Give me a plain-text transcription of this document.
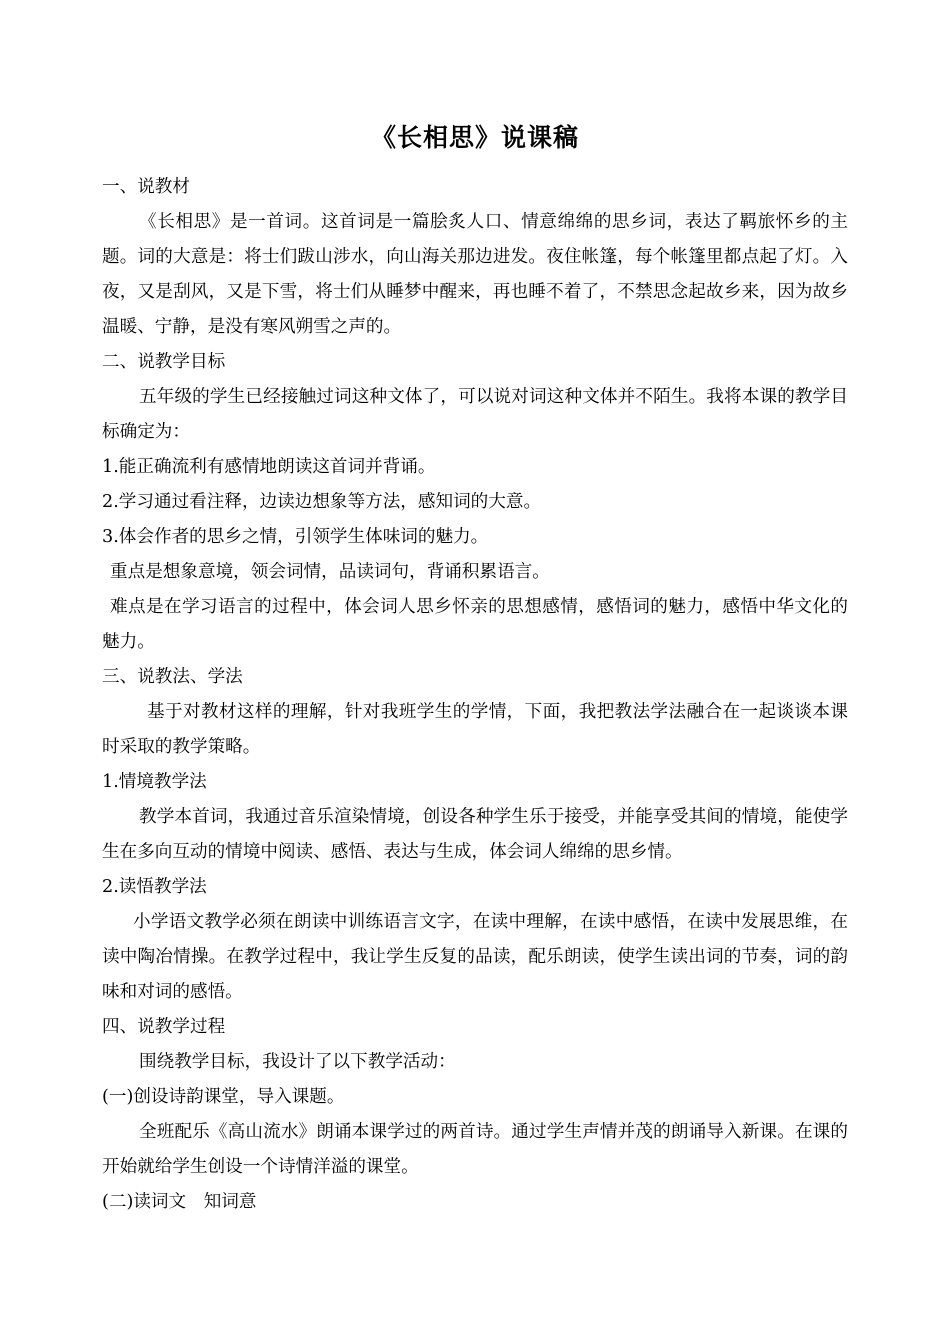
《长相思》说课稿

一、说教材

《长相思》是一首词。这首词是一篇脍炙人口、情意绵绵的思乡词，表达了羁旅怀乡的主题。词的大意是：将士们跋山涉水，向山海关那边进发。夜住帐篷，每个帐篷里都点起了灯。入夜，又是刮风，又是下雪，将士们从睡梦中醒来，再也睡不着了，不禁思念起故乡来，因为故乡温暖、宁静，是没有寒风朔雪之声的。

二、说教学目标

五年级的学生已经接触过词这种文体了，可以说对词这种文体并不陌生。我将本课的教学目标确定为：

1.能正确流利有感情地朗读这首词并背诵。

2.学习通过看注释，边读边想象等方法，感知词的大意。

3.体会作者的思乡之情，引领学生体味词的魅力。

重点是想象意境，领会词情，品读词句，背诵积累语言。

难点是在学习语言的过程中，体会词人思乡怀亲的思想感情，感悟词的魅力，感悟中华文化的魅力。

三、说教法、学法

基于对教材这样的理解，针对我班学生的学情，下面，我把教法学法融合在一起谈谈本课时采取的教学策略。

1.情境教学法

教学本首词，我通过音乐渲染情境，创设各种学生乐于接受，并能享受其间的情境，能使学生在多向互动的情境中阅读、感悟、表达与生成，体会词人绵绵的思乡情。

2.读悟教学法

小学语文教学必须在朗读中训练语言文字，在读中理解，在读中感悟，在读中发展思维，在读中陶冶情操。在教学过程中，我让学生反复的品读，配乐朗读，使学生读出词的节奏，词的韵味和对词的感悟。

四、说教学过程

围绕教学目标，我设计了以下教学活动：

(一)创设诗韵课堂，导入课题。

全班配乐《高山流水》朗诵本课学过的两首诗。通过学生声情并茂的朗诵导入新课。在课的开始就给学生创设一个诗情洋溢的课堂。

(二)读词文　知词意
